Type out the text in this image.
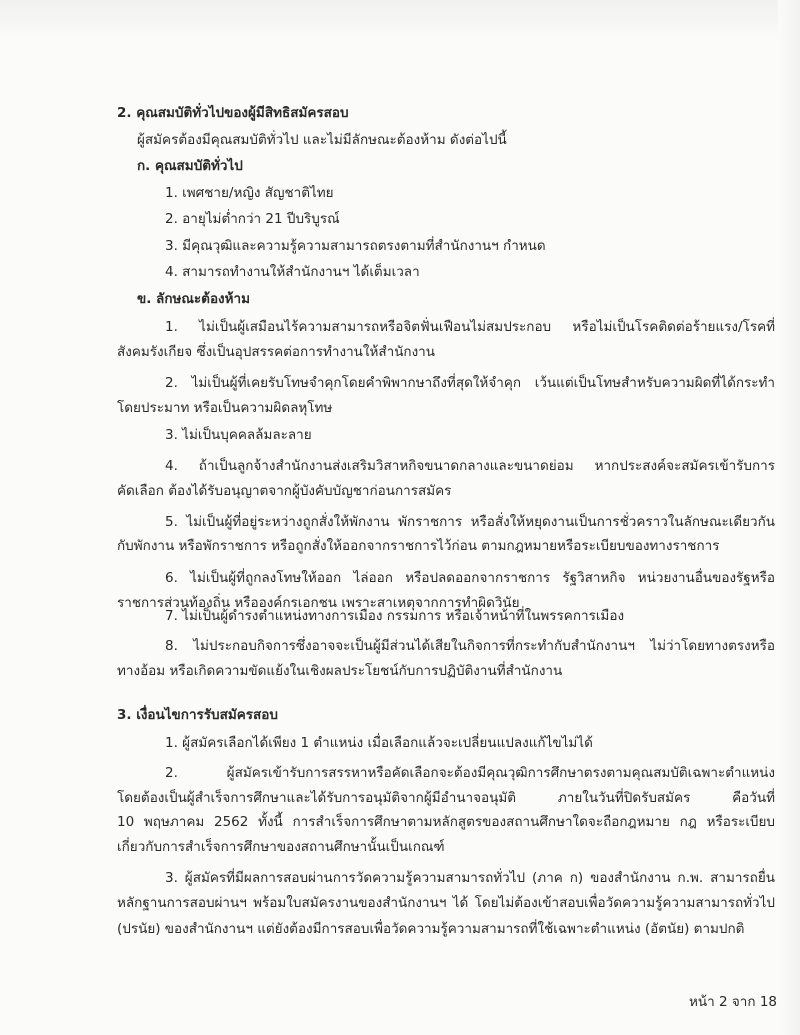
2. คุณสมบัติทั่วไปของผู้มีสิทธิสมัครสอบ
ผู้สมัครต้องมีคุณสมบัติทั่วไป และไม่มีลักษณะต้องห้าม ดังต่อไปนี้
ก. คุณสมบัติทั่วไป
1. เพศชาย/หญิง สัญชาติไทย
2. อายุไม่ต่ำกว่า 21 ปีบริบูรณ์
3. มีคุณวุฒิและความรู้ความสามารถตรงตามที่สำนักงานฯ กำหนด
4. สามารถทำงานให้สำนักงานฯ ได้เต็มเวลา
ข. ลักษณะต้องห้าม
1. ไม่เป็นผู้เสมือนไร้ความสามารถหรือจิตฟั่นเฟือนไม่สมประกอบ หรือไม่เป็นโรคติดต่อร้ายแรง/โรคที่
สังคมรังเกียจ ซึ่งเป็นอุปสรรคต่อการทำงานให้สำนักงาน
2. ไม่เป็นผู้ที่เคยรับโทษจำคุกโดยคำพิพากษาถึงที่สุดให้จำคุก เว้นแต่เป็นโทษสำหรับความผิดที่ได้กระทำ
โดยประมาท หรือเป็นความผิดลหุโทษ
3. ไม่เป็นบุคคลล้มละลาย
4. ถ้าเป็นลูกจ้างสำนักงานส่งเสริมวิสาหกิจขนาดกลางและขนาดย่อม หากประสงค์จะสมัครเข้ารับการ
คัดเลือก ต้องได้รับอนุญาตจากผู้บังคับบัญชาก่อนการสมัคร
5. ไม่เป็นผู้ที่อยู่ระหว่างถูกสั่งให้พักงาน พักราชการ หรือสั่งให้หยุดงานเป็นการชั่วคราวในลักษณะเดียวกัน
กับพักงาน หรือพักราชการ หรือถูกสั่งให้ออกจากราชการไว้ก่อน ตามกฎหมายหรือระเบียบของทางราชการ
6. ไม่เป็นผู้ที่ถูกลงโทษให้ออก ไล่ออก หรือปลดออกจากราชการ รัฐวิสาหกิจ หน่วยงานอื่นของรัฐหรือ
ราชการส่วนท้องถิ่น หรือองค์กรเอกชน เพราะสาเหตุจากการทำผิดวินัย
7. ไม่เป็นผู้ดำรงตำแหน่งทางการเมือง กรรมการ หรือเจ้าหน้าที่ในพรรคการเมือง
8. ไม่ประกอบกิจการซึ่งอาจจะเป็นผู้มีส่วนได้เสียในกิจการที่กระทำกับสำนักงานฯ ไม่ว่าโดยทางตรงหรือ
ทางอ้อม หรือเกิดความขัดแย้งในเชิงผลประโยชน์กับการปฏิบัติงานที่สำนักงาน
3. เงื่อนไขการรับสมัครสอบ
1. ผู้สมัครเลือกได้เพียง 1 ตำแหน่ง เมื่อเลือกแล้วจะเปลี่ยนแปลงแก้ไขไม่ได้
2. ผู้สมัครเข้ารับการสรรหาหรือคัดเลือกจะต้องมีคุณวุฒิการศึกษาตรงตามคุณสมบัติเฉพาะตำแหน่ง
โดยต้องเป็นผู้สำเร็จการศึกษาและได้รับการอนุมัติจากผู้มีอำนาจอนุมัติ ภายในวันที่ปิดรับสมัคร คือวันที่
10 พฤษภาคม 2562 ทั้งนี้ การสำเร็จการศึกษาตามหลักสูตรของสถานศึกษาใดจะถือกฎหมาย กฎ หรือระเบียบ
เกี่ยวกับการสำเร็จการศึกษาของสถานศึกษานั้นเป็นเกณฑ์
3. ผู้สมัครที่มีผลการสอบผ่านการวัดความรู้ความสามารถทั่วไป (ภาค ก) ของสำนักงาน ก.พ. สามารถยื่น
หลักฐานการสอบผ่านฯ พร้อมใบสมัครงานของสำนักงานฯ ได้ โดยไม่ต้องเข้าสอบเพื่อวัดความรู้ความสามารถทั่วไป
(ปรนัย) ของสำนักงานฯ แต่ยังต้องมีการสอบเพื่อวัดความรู้ความสามารถที่ใช้เฉพาะตำแหน่ง (อัตนัย) ตามปกติ
หน้า 2 จาก 18
